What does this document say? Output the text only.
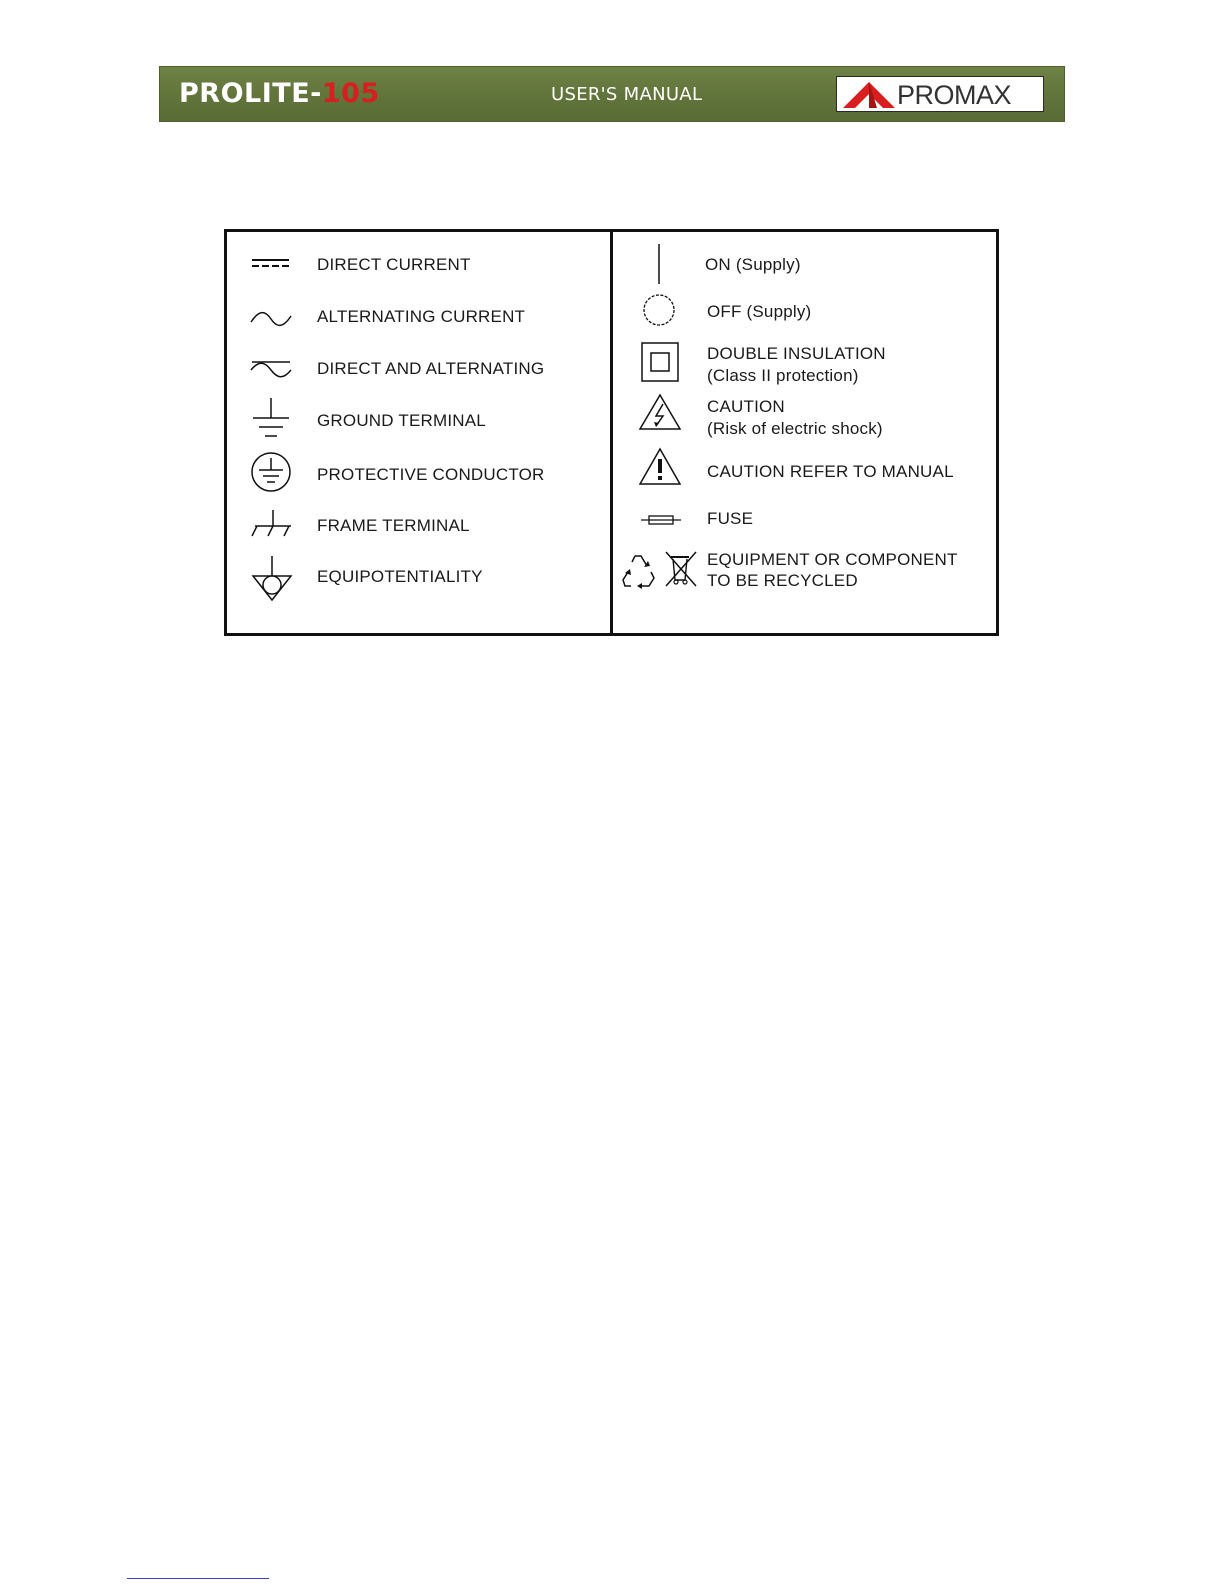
PROLITE-105	USER'S MANUAL	PROMAX
DIRECT CURRENT
ALTERNATING CURRENT
DIRECT AND ALTERNATING
GROUND TERMINAL
PROTECTIVE CONDUCTOR
FRAME TERMINAL
EQUIPOTENTIALITY
ON (Supply)
OFF (Supply)
DOUBLE INSULATION
(Class II protection)
CAUTION
(Risk of electric shock)
CAUTION REFER TO MANUAL
FUSE
EQUIPMENT OR COMPONENT
TO BE RECYCLED
